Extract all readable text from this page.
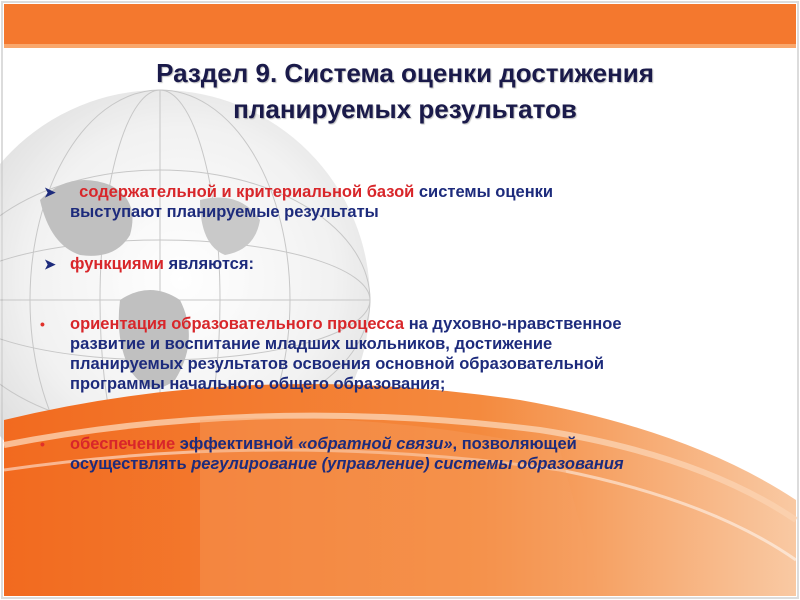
Раздел 9. Система оценки достижения
планируемых результатов
➤	содержательной и критериальной базой системы оценки
выступают планируемые результаты
➤ функциями являются:
•	ориентация образовательного процесса на духовно-нравственное
развитие и воспитание младших школьников, достижение
планируемых результатов освоения основной образовательной
программы начального общего образования;
•	обеспечение эффективной «обратной связи», позволяющей
осуществлять регулирование (управление) системы образования
